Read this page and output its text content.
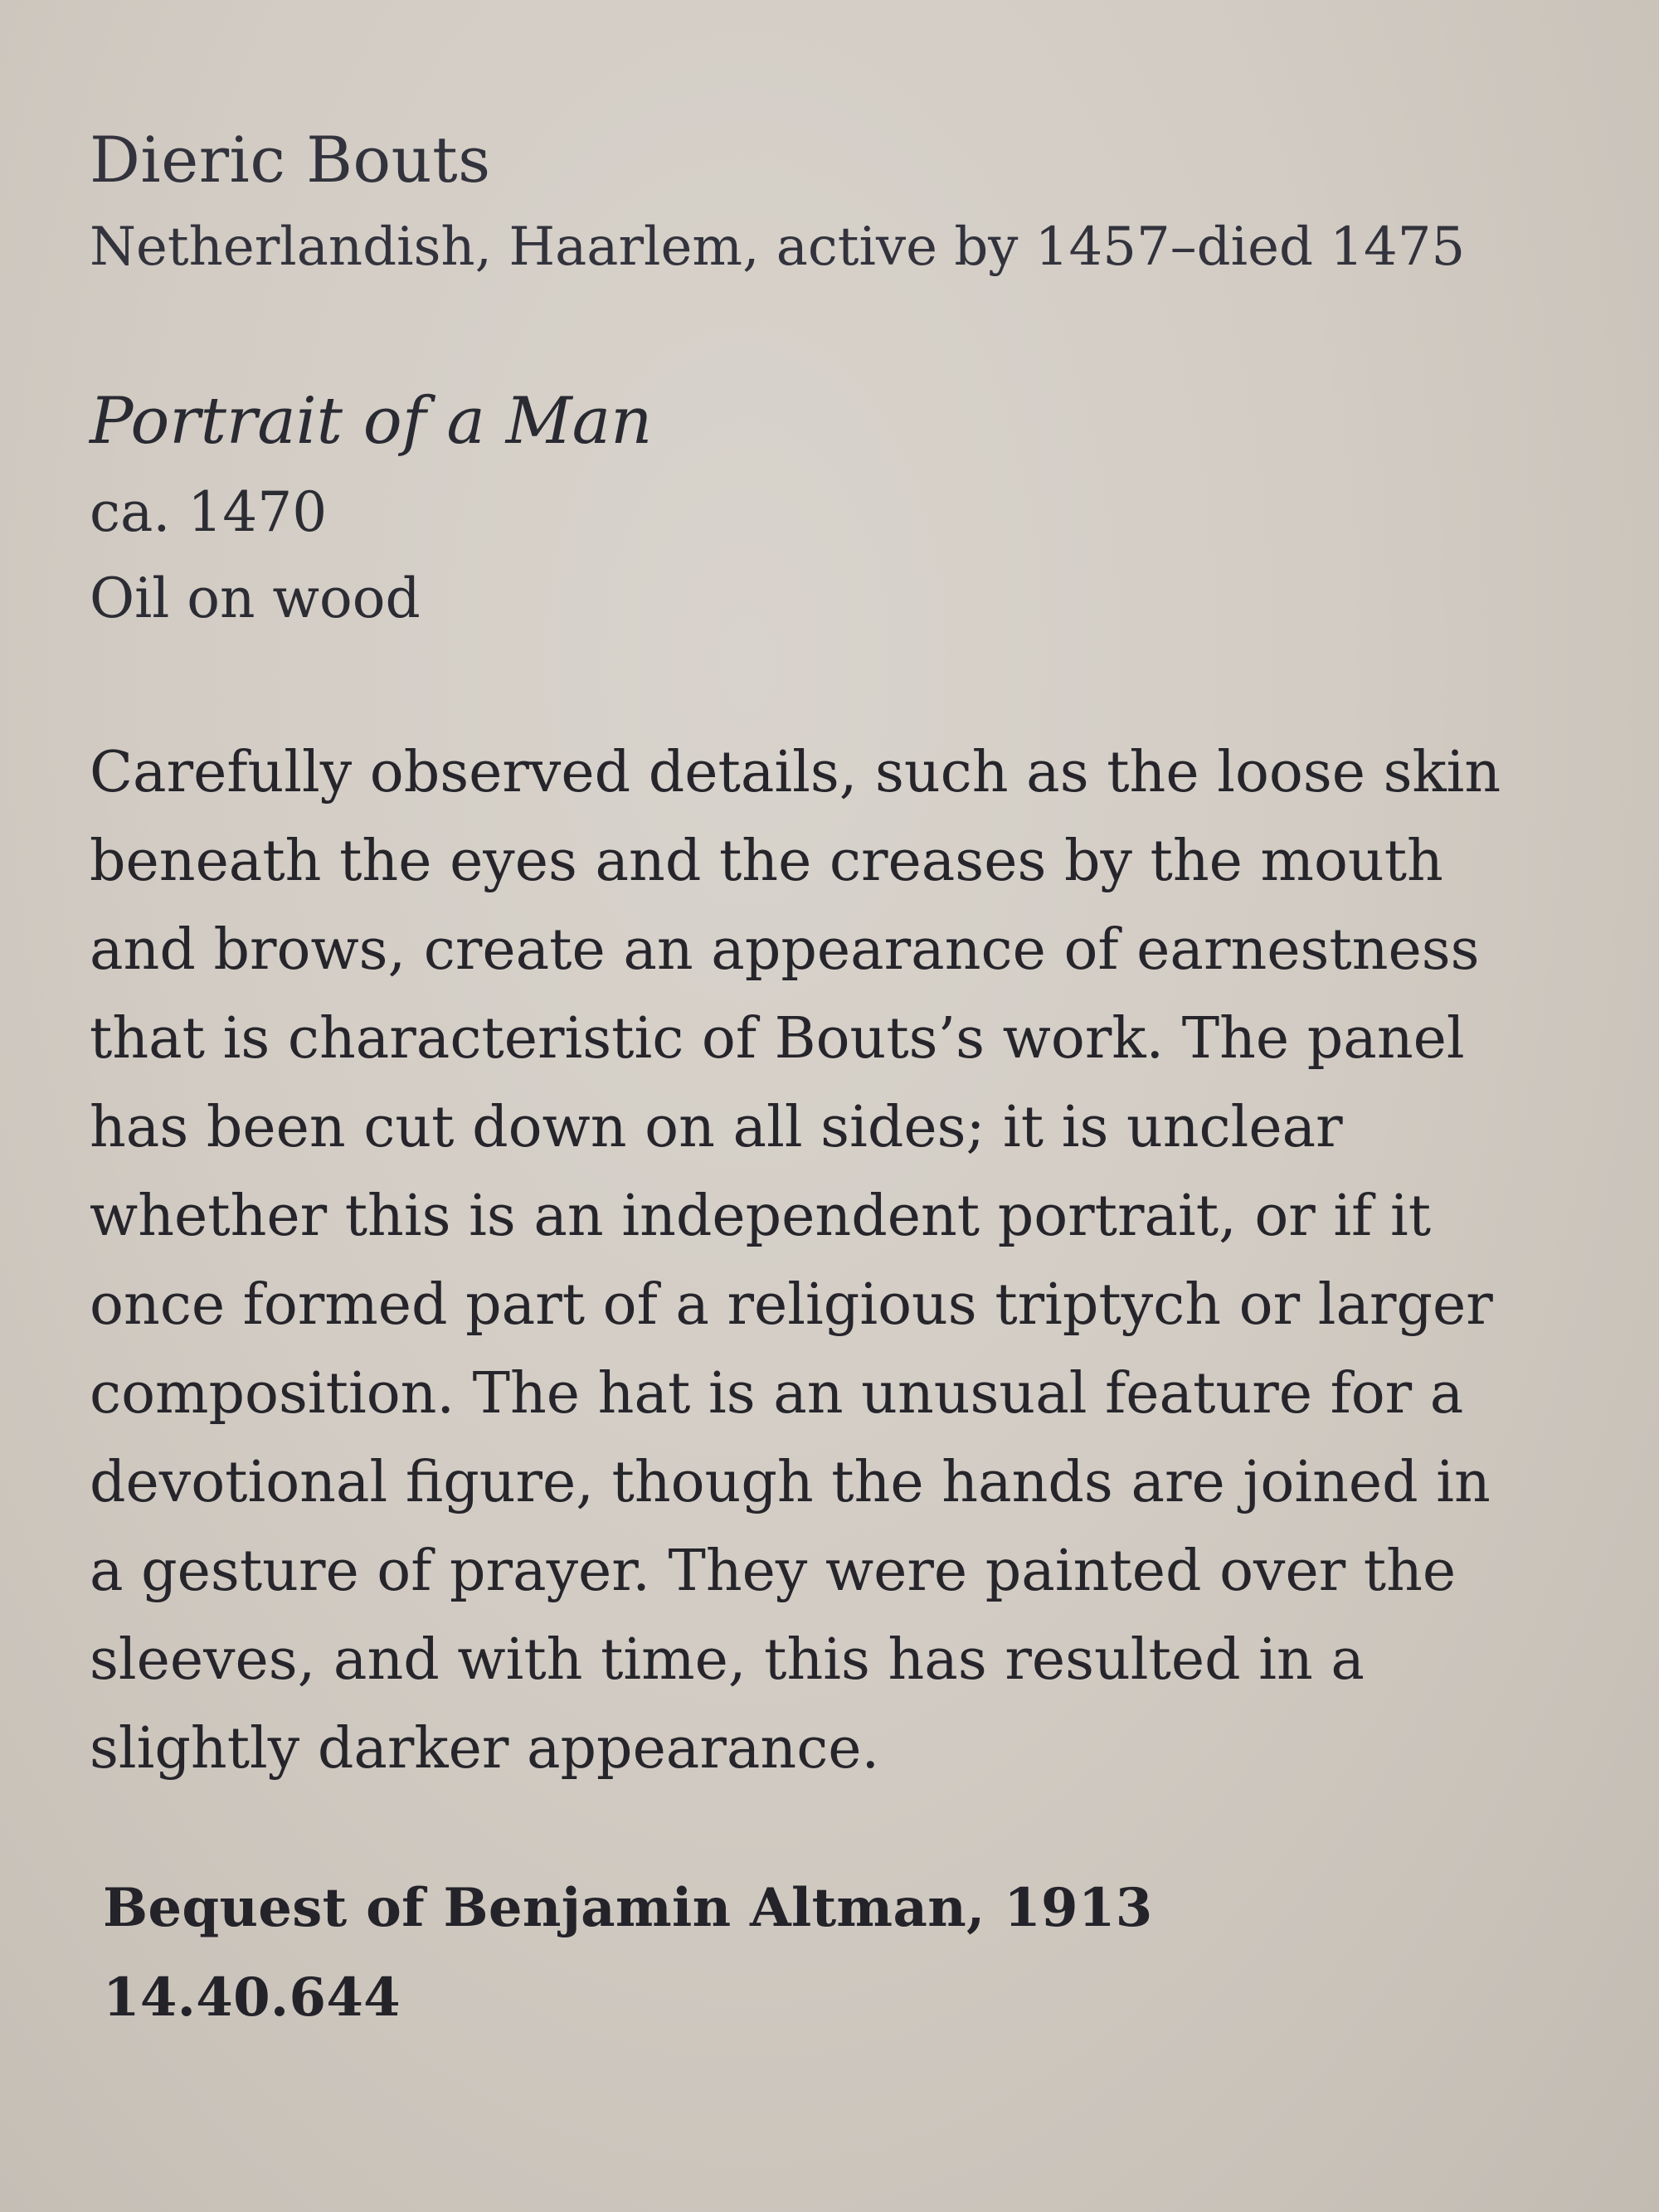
Dieric Bouts

Netherlandish, Haarlem, active by 1457–died 1475

Portrait of a Man

ca. 1470

Oil on wood

Carefully observed details, such as the loose skin
beneath the eyes and the creases by the mouth
and brows, create an appearance of earnestness
that is characteristic of Bouts’s work. The panel
has been cut down on all sides; it is unclear
whether this is an independent portrait, or if it
once formed part of a religious triptych or larger
composition. The hat is an unusual feature for a
devotional figure, though the hands are joined in
a gesture of prayer. They were painted over the
sleeves, and with time, this has resulted in a
slightly darker appearance.
Bequest of Benjamin Altman, 1913
14.40.644
